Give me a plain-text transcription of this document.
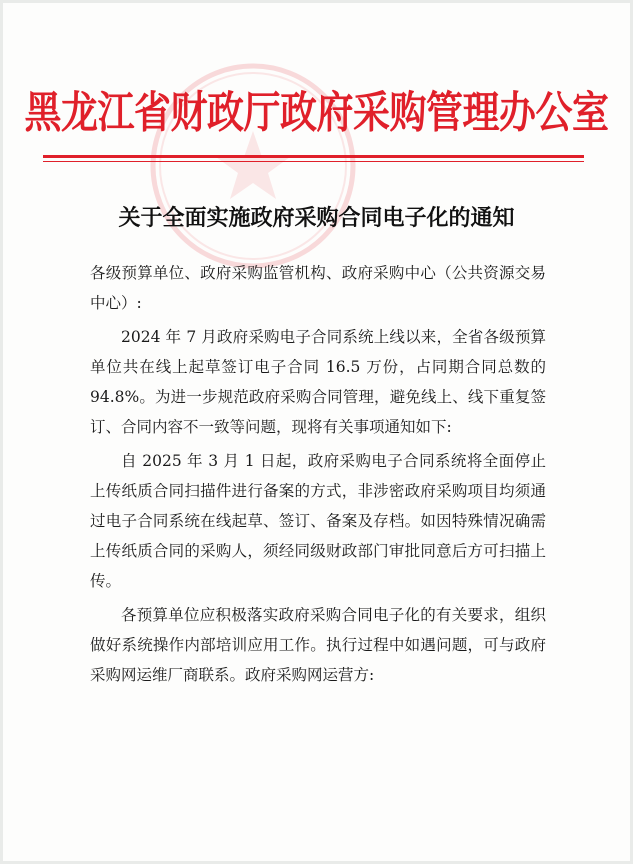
黑龙江省财政厅政府采购管理办公室
关于全面实施政府采购合同电子化的通知

各级预算单位、政府采购监管机构、政府采购中心（公共资源交易中心）:

2024 年 7 月政府采购电子合同系统上线以来，全省各级预算单位共在线上起草签订电子合同 16.5 万份，占同期合同总数的 94.8%。为进一步规范政府采购合同管理，避免线上、线下重复签订、合同内容不一致等问题，现将有关事项通知如下:

自 2025 年 3 月 1 日起，政府采购电子合同系统将全面停止上传纸质合同扫描件进行备案的方式，非涉密政府采购项目均须通过电子合同系统在线起草、签订、备案及存档。如因特殊情况确需上传纸质合同的采购人，须经同级财政部门审批同意后方可扫描上传。

各预算单位应积极落实政府采购合同电子化的有关要求，组织做好系统操作内部培训应用工作。执行过程中如遇问题，可与政府采购网运维厂商联系。政府采购网运营方:
